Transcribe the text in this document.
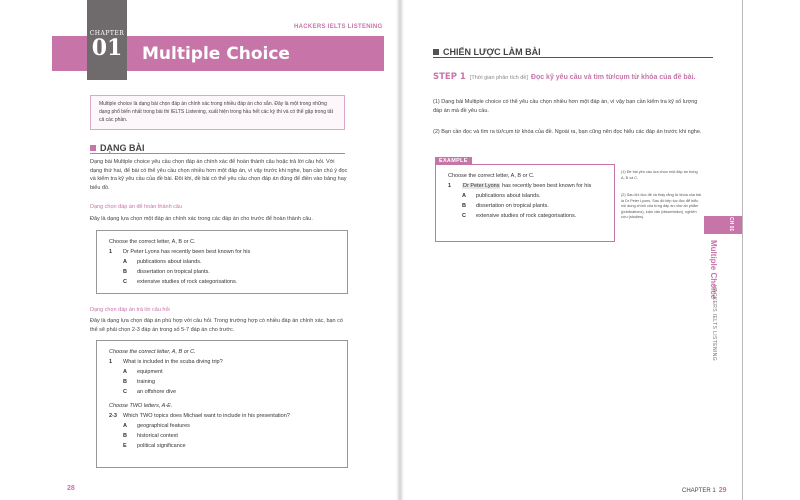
Multiple Choice
CHAPTER
01
HACKERS IELTS LISTENING
Multiple choice là dạng bài chọn đáp án chính xác trong nhiều đáp án cho sẵn. Đây là một trong những dạng phổ biến nhất trong bài thi IELTS Listening, xuất hiện trong hầu hết các kỳ thi và có thể gặp trong tất cả các phần.
DẠNG BÀI
Dạng bài Multiple choice yêu cầu chọn đáp án chính xác để hoàn thành câu hoặc trả lời câu hỏi. Với dạng thứ hai, để bài có thể yêu cầu chọn nhiều hơn một đáp án, vì vậy trước khi nghe, bạn cần chú ý đọc và kiểm tra kỹ yêu cầu của đề bài. Đôi khi, đề bài có thể yêu cầu chọn đáp án đúng để điền vào bảng hay biểu đồ.
Dạng chọn đáp án để hoàn thành câu
Đây là dạng lựa chọn một đáp án chính xác trong các đáp án cho trước để hoàn thành câu.
Choose the correct letter, A, B or C.
1 Dr Peter Lyons has recently been best known for his
A publications about islands.
B dissertation on tropical plants.
C extensive studies of rock categorisations.
Dạng chọn đáp án trả lời câu hỏi
Đây là dạng lựa chọn đáp án phù hợp với câu hỏi. Trong trường hợp có nhiều đáp án chính xác, bạn có thể sẽ phải chọn 2-3 đáp án trong số 5-7 đáp án cho trước.
Choose the correct letter, A, B or C.
1 What is included in the scuba diving trip?
A equipment
B training
C an offshore dive
Choose TWO letters, A-E.
2-3 Which TWO topics does Michael want to include in his presentation?
A geographical features
B historical context
E political significance
28
CHIẾN LƯỢC LÀM BÀI
STEP 1 [Thời gian phân tích đề] Đọc kỹ yêu cầu và tìm từ/cụm từ khóa của đề bài.
(1) Dạng bài Multiple choice có thể yêu cầu chọn nhiều hơn một đáp án, vì vậy bạn cần kiểm tra kỹ số lượng đáp án mà đề yêu cầu.
(2) Bạn cần đọc và tìm ra từ/cụm từ khóa của đề. Ngoài ra, bạn cũng nên đọc hiểu các đáp án trước khi nghe.
EXAMPLE
Choose the correct letter, A, B or C.
1 Dr Peter Lyons has recently been best known for his
A publications about islands.
B dissertation on tropical plants.
C extensive studies of rock categorisations.
(1) Đề bài yêu cầu lựa chọn một đáp án trong A, B và C.
(2) Sau khi đọc đề và thấy rằng từ khóa của bài là Dr Peter Lyons. Sau đó tiếp tục đọc để hiểu nội dung chính của từng đáp án như ấn phẩm (publications), luận văn (dissertation), nghiên cứu (studies).	CH 01
Multiple Choice
HACKERS IELTS LISTENING
CHAPTER 1 29
